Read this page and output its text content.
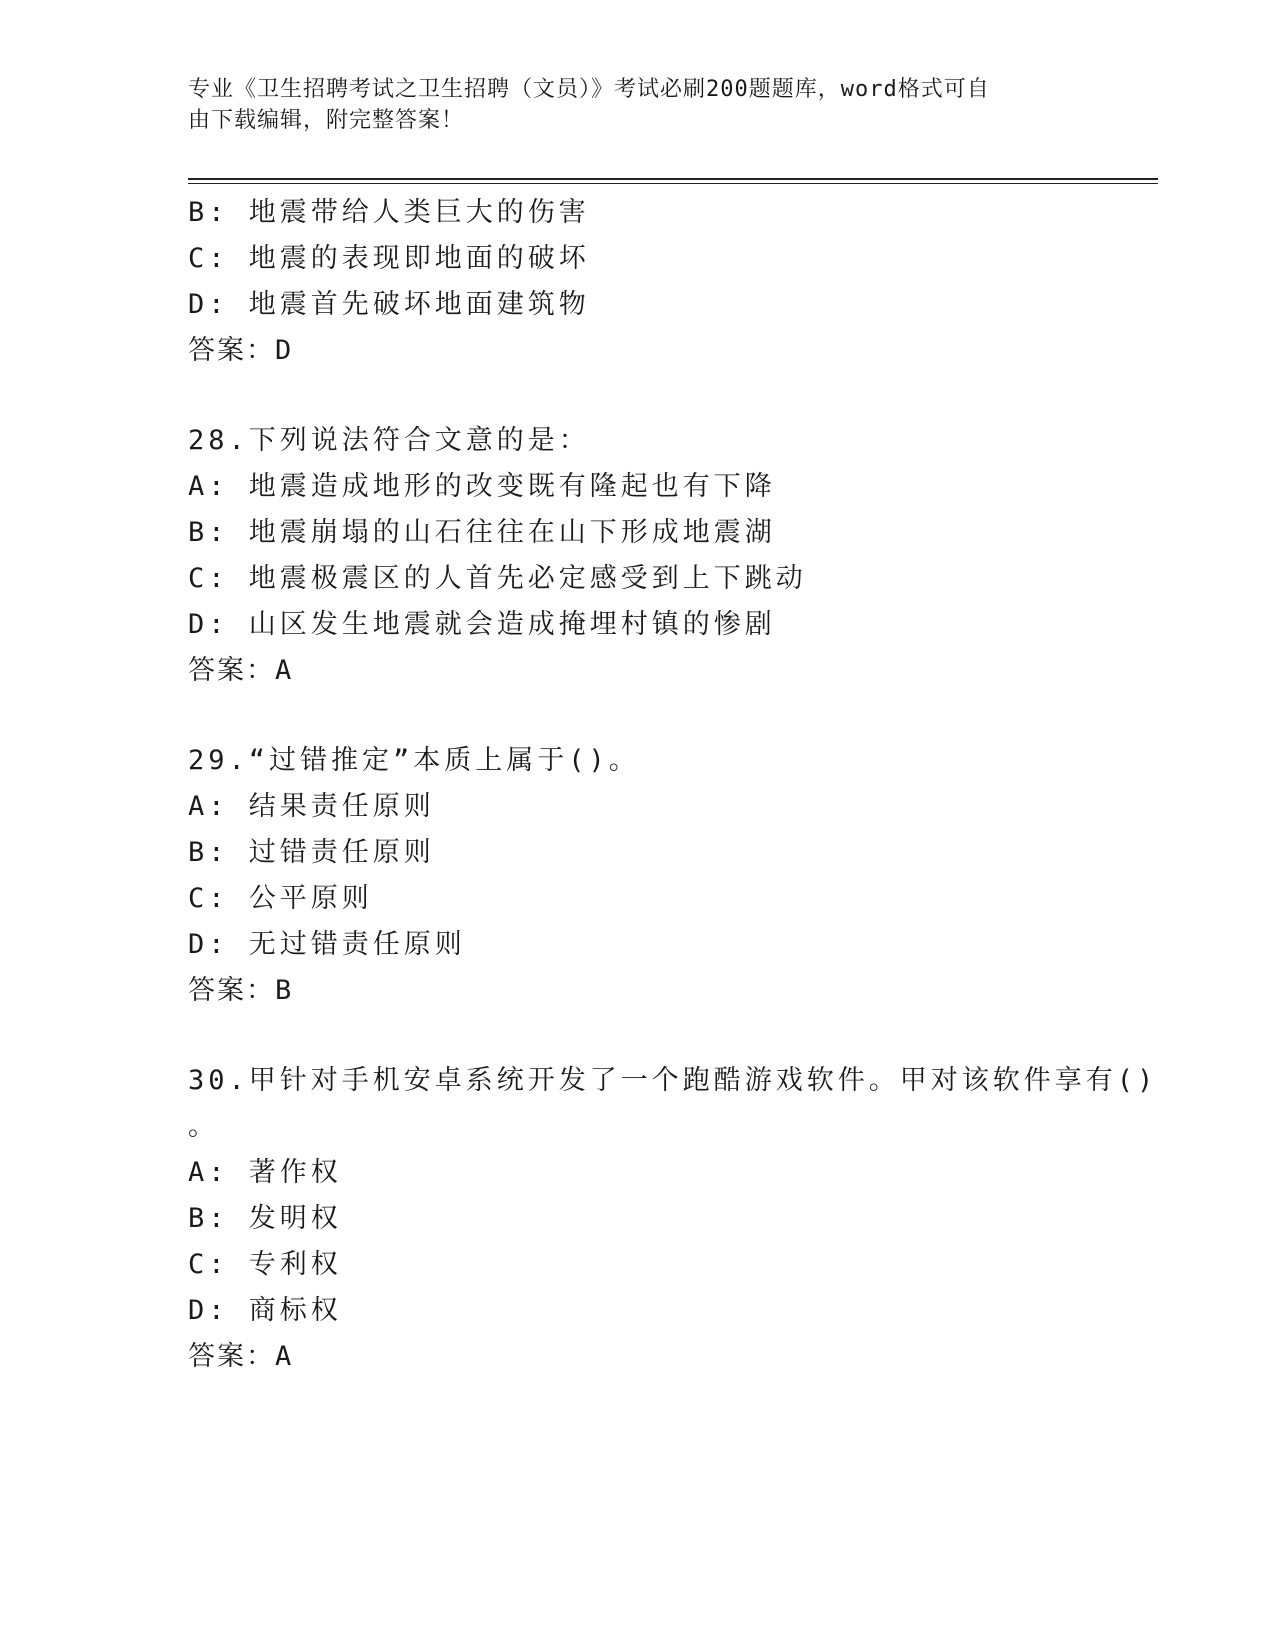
专业《卫生招聘考试之卫生招聘（文员）》考试必刷200题题库，word格式可自
由下载编辑，附完整答案！
B: 地震带给人类巨大的伤害
C: 地震的表现即地面的破坏
D: 地震首先破坏地面建筑物
答案：D
28.下列说法符合文意的是：
A: 地震造成地形的改变既有隆起也有下降
B: 地震崩塌的山石往往在山下形成地震湖
C: 地震极震区的人首先必定感受到上下跳动
D: 山区发生地震就会造成掩埋村镇的惨剧
答案：A
29.“过错推定”本质上属于()。
A: 结果责任原则
B: 过错责任原则
C: 公平原则
D: 无过错责任原则
答案：B
30.甲针对手机安卓系统开发了一个跑酷游戏软件。甲对该软件享有()
。
A: 著作权
B: 发明权
C: 专利权
D: 商标权
答案：A
